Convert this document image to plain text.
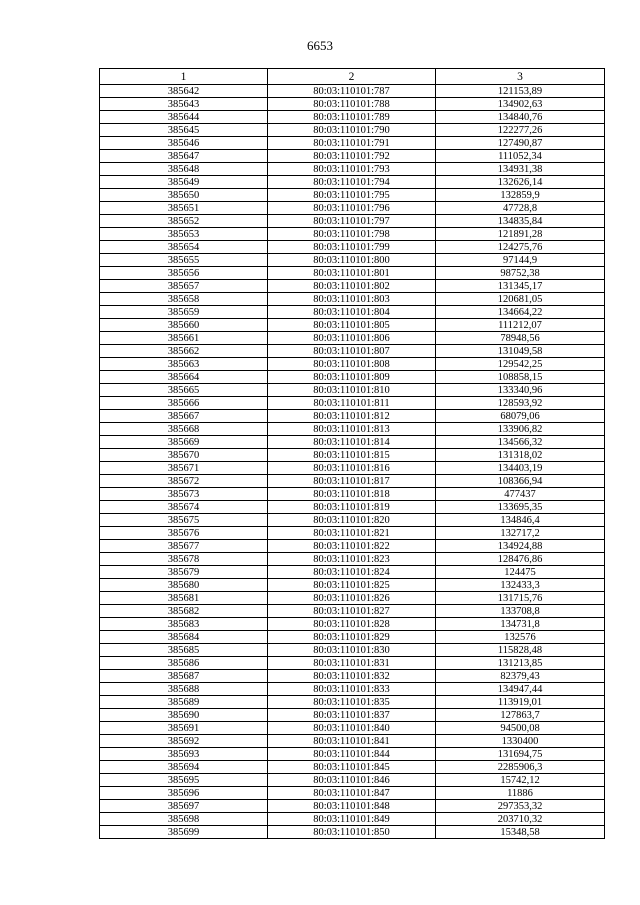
6653
1	2	3
385642	80:03:110101:787	121153,89
385643	80:03:110101:788	134902,63
385644	80:03:110101:789	134840,76
385645	80:03:110101:790	122277,26
385646	80:03:110101:791	127490,87
385647	80:03:110101:792	111052,34
385648	80:03:110101:793	134931,38
385649	80:03:110101:794	132626,14
385650	80:03:110101:795	132859,9
385651	80:03:110101:796	47728,8
385652	80:03:110101:797	134835,84
385653	80:03:110101:798	121891,28
385654	80:03:110101:799	124275,76
385655	80:03:110101:800	97144,9
385656	80:03:110101:801	98752,38
385657	80:03:110101:802	131345,17
385658	80:03:110101:803	120681,05
385659	80:03:110101:804	134664,22
385660	80:03:110101:805	111212,07
385661	80:03:110101:806	78948,56
385662	80:03:110101:807	131049,58
385663	80:03:110101:808	129542,25
385664	80:03:110101:809	108858,15
385665	80:03:110101:810	133340,96
385666	80:03:110101:811	128593,92
385667	80:03:110101:812	68079,06
385668	80:03:110101:813	133906,82
385669	80:03:110101:814	134566,32
385670	80:03:110101:815	131318,02
385671	80:03:110101:816	134403,19
385672	80:03:110101:817	108366,94
385673	80:03:110101:818	477437
385674	80:03:110101:819	133695,35
385675	80:03:110101:820	134846,4
385676	80:03:110101:821	132717,2
385677	80:03:110101:822	134924,88
385678	80:03:110101:823	128476,86
385679	80:03:110101:824	124475
385680	80:03:110101:825	132433,3
385681	80:03:110101:826	131715,76
385682	80:03:110101:827	133708,8
385683	80:03:110101:828	134731,8
385684	80:03:110101:829	132576
385685	80:03:110101:830	115828,48
385686	80:03:110101:831	131213,85
385687	80:03:110101:832	82379,43
385688	80:03:110101:833	134947,44
385689	80:03:110101:835	113919,01
385690	80:03:110101:837	127863,7
385691	80:03:110101:840	94500,08
385692	80:03:110101:841	1330400
385693	80:03:110101:844	131694,75
385694	80:03:110101:845	2285906,3
385695	80:03:110101:846	15742,12
385696	80:03:110101:847	11886
385697	80:03:110101:848	297353,32
385698	80:03:110101:849	203710,32
385699	80:03:110101:850	15348,58
